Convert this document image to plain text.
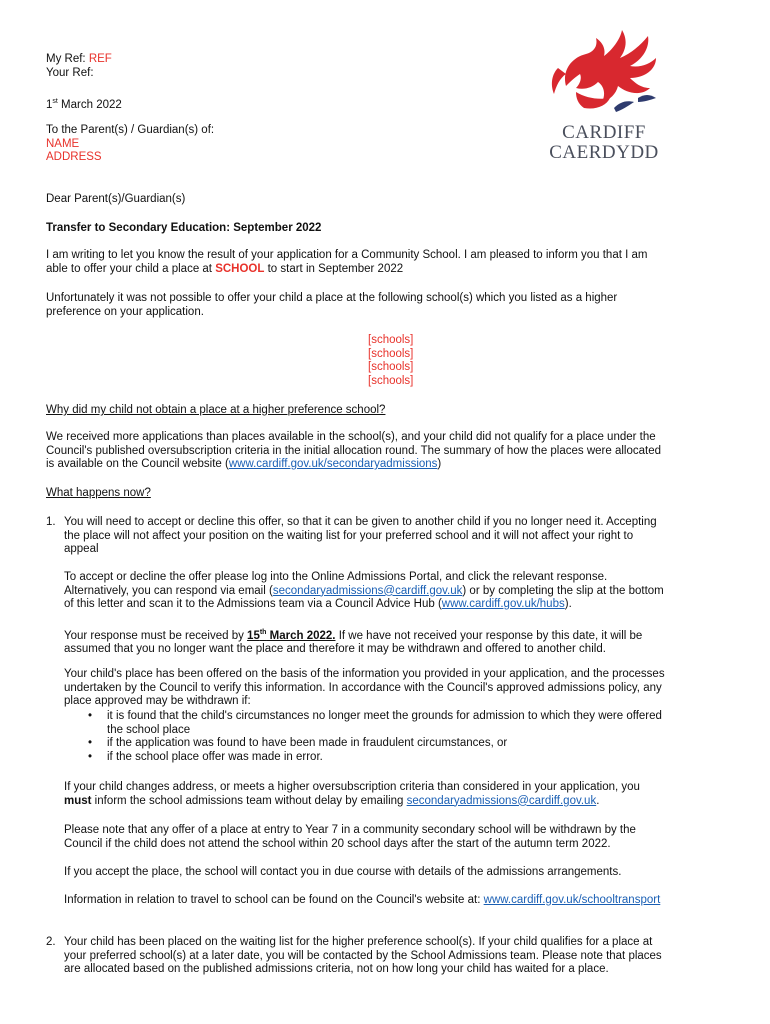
My Ref: REF
Your Ref:
1st March 2022
To the Parent(s) / Guardian(s) of:
NAME
ADDRESS
CARDIFF
CAERDYDD
Dear Parent(s)/Guardian(s)
Transfer to Secondary Education: September 2022
I am writing to let you know the result of your application for a Community School. I am pleased to inform you that I am
able to offer your child a place at SCHOOL to start in September 2022
Unfortunately it was not possible to offer your child a place at the following school(s) which you listed as a higher
preference on your application.
[schools]
[schools]
[schools]
[schools]
Why did my child not obtain a place at a higher preference school?
We received more applications than places available in the school(s), and your child did not qualify for a place under the
Council's published oversubscription criteria in the initial allocation round. The summary of how the places were allocated
is available on the Council website (www.cardiff.gov.uk/secondaryadmissions)
What happens now?
1. You will need to accept or decline this offer, so that it can be given to another child if you no longer need it. Accepting
the place will not affect your position on the waiting list for your preferred school and it will not affect your right to
appeal
To accept or decline the offer please log into the Online Admissions Portal, and click the relevant response.
Alternatively, you can respond via email (secondaryadmissions@cardiff.gov.uk) or by completing the slip at the bottom
of this letter and scan it to the Admissions team via a Council Advice Hub (www.cardiff.gov.uk/hubs).
Your response must be received by 15th March 2022. If we have not received your response by this date, it will be
assumed that you no longer want the place and therefore it may be withdrawn and offered to another child.
Your child's place has been offered on the basis of the information you provided in your application, and the processes
undertaken by the Council to verify this information. In accordance with the Council's approved admissions policy, any
place approved may be withdrawn if:
• it is found that the child's circumstances no longer meet the grounds for admission to which they were offered
the school place
• if the application was found to have been made in fraudulent circumstances, or
• if the school place offer was made in error.
If your child changes address, or meets a higher oversubscription criteria than considered in your application, you
must inform the school admissions team without delay by emailing secondaryadmissions@cardiff.gov.uk.
Please note that any offer of a place at entry to Year 7 in a community secondary school will be withdrawn by the
Council if the child does not attend the school within 20 school days after the start of the autumn term 2022.
If you accept the place, the school will contact you in due course with details of the admissions arrangements.
Information in relation to travel to school can be found on the Council's website at: www.cardiff.gov.uk/schooltransport
2. Your child has been placed on the waiting list for the higher preference school(s). If your child qualifies for a place at
your preferred school(s) at a later date, you will be contacted by the School Admissions team. Please note that places
are allocated based on the published admissions criteria, not on how long your child has waited for a place.
